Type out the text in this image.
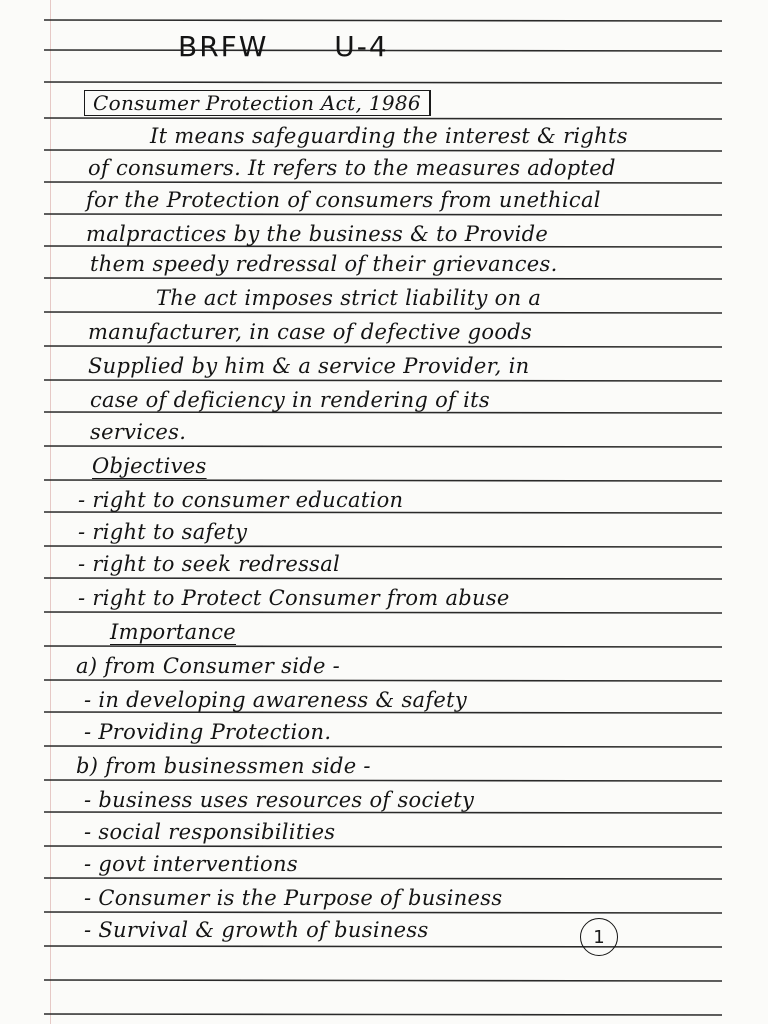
BRFW U-4
Consumer Protection Act, 1986
It means safeguarding the interest & rights
of consumers. It refers to the measures adopted
for the Protection of consumers from unethical
malpractices by the business & to Provide
them speedy redressal of their grievances.
The act imposes strict liability on a
manufacturer, in case of defective goods
Supplied by him & a service Provider, in
case of deficiency in rendering of its
services.
Objectives
- right to consumer education
- right to safety
- right to seek redressal
- right to Protect Consumer from abuse
Importance
a) from Consumer side -
- in developing awareness & safety
- Providing Protection.
b) from businessmen side -
- business uses resources of society
- social responsibilities
- govt interventions
- Consumer is the Purpose of business
- Survival & growth of business	1
